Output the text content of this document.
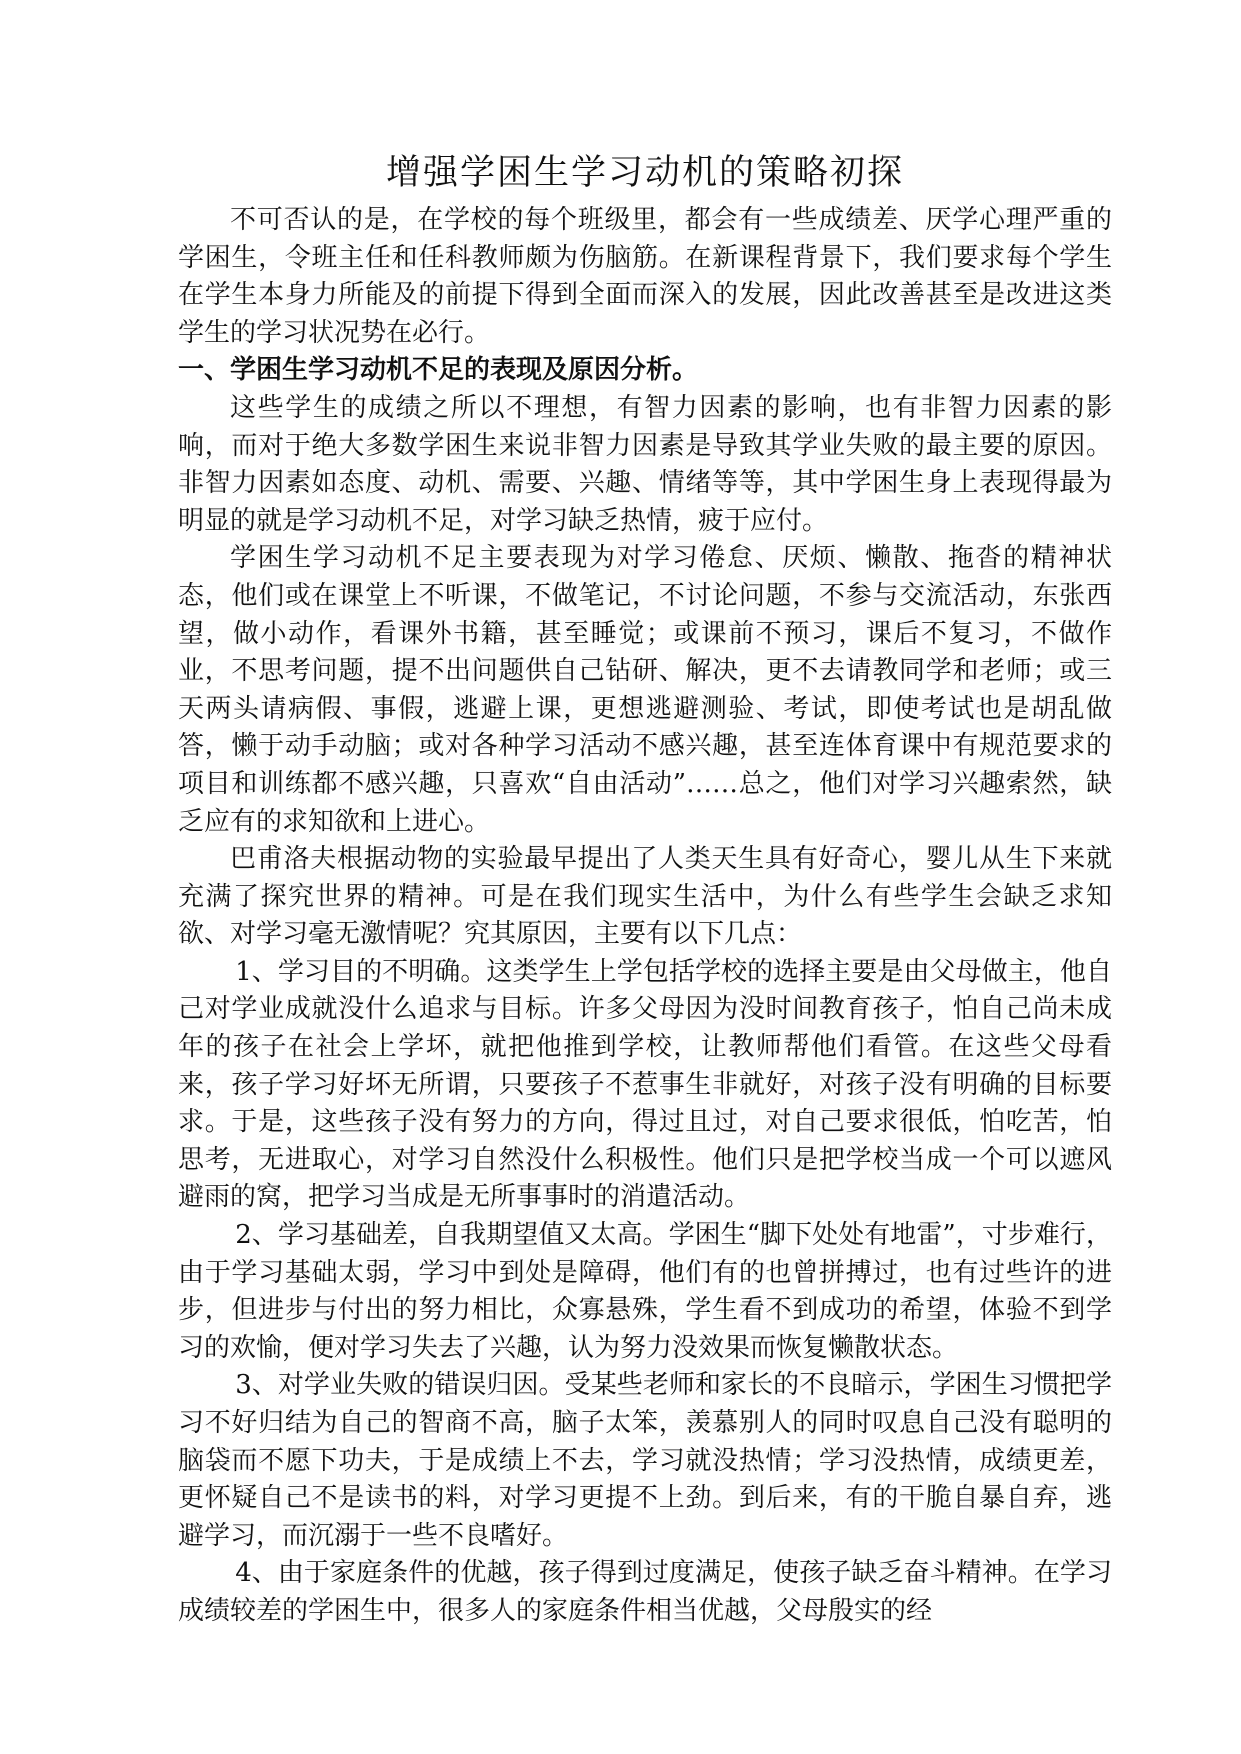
增强学困生学习动机的策略初探

不可否认的是，在学校的每个班级里，都会有一些成绩差、厌学心理严重的学困生，令班主任和任科教师颇为伤脑筋。在新课程背景下，我们要求每个学生在学生本身力所能及的前提下得到全面而深入的发展，因此改善甚至是改进这类学生的学习状况势在必行。

一、学困生学习动机不足的表现及原因分析。

这些学生的成绩之所以不理想，有智力因素的影响，也有非智力因素的影响，而对于绝大多数学困生来说非智力因素是导致其学业失败的最主要的原因。非智力因素如态度、动机、需要、兴趣、情绪等等，其中学困生身上表现得最为明显的就是学习动机不足，对学习缺乏热情，疲于应付。

学困生学习动机不足主要表现为对学习倦怠、厌烦、懒散、拖沓的精神状态，他们或在课堂上不听课，不做笔记，不讨论问题，不参与交流活动，东张西望，做小动作，看课外书籍，甚至睡觉；或课前不预习，课后不复习，不做作业，不思考问题，提不出问题供自己钻研、解决，更不去请教同学和老师；或三天两头请病假、事假，逃避上课，更想逃避测验、考试，即使考试也是胡乱做答，懒于动手动脑；或对各种学习活动不感兴趣，甚至连体育课中有规范要求的项目和训练都不感兴趣，只喜欢“自由活动”……总之，他们对学习兴趣索然，缺乏应有的求知欲和上进心。

巴甫洛夫根据动物的实验最早提出了人类天生具有好奇心，婴儿从生下来就充满了探究世界的精神。可是在我们现实生活中，为什么有些学生会缺乏求知欲、对学习毫无激情呢？究其原因，主要有以下几点：

1、学习目的不明确。这类学生上学包括学校的选择主要是由父母做主，他自己对学业成就没什么追求与目标。许多父母因为没时间教育孩子，怕自己尚未成年的孩子在社会上学坏，就把他推到学校，让教师帮他们看管。在这些父母看来，孩子学习好坏无所谓，只要孩子不惹事生非就好，对孩子没有明确的目标要求。于是，这些孩子没有努力的方向，得过且过，对自己要求很低，怕吃苦，怕思考，无进取心，对学习自然没什么积极性。他们只是把学校当成一个可以遮风避雨的窝，把学习当成是无所事事时的消遣活动。

2、学习基础差，自我期望值又太高。学困生“脚下处处有地雷”，寸步难行，由于学习基础太弱，学习中到处是障碍，他们有的也曾拼搏过，也有过些许的进步，但进步与付出的努力相比，众寡悬殊，学生看不到成功的希望，体验不到学习的欢愉，便对学习失去了兴趣，认为努力没效果而恢复懒散状态。

3、对学业失败的错误归因。受某些老师和家长的不良暗示，学困生习惯把学习不好归结为自己的智商不高，脑子太笨，羡慕别人的同时叹息自己没有聪明的脑袋而不愿下功夫，于是成绩上不去，学习就没热情；学习没热情，成绩更差，更怀疑自己不是读书的料，对学习更提不上劲。到后来，有的干脆自暴自弃，逃避学习，而沉溺于一些不良嗜好。

4、由于家庭条件的优越，孩子得到过度满足，使孩子缺乏奋斗精神。在学习成绩较差的学困生中，很多人的家庭条件相当优越，父母殷实的经
